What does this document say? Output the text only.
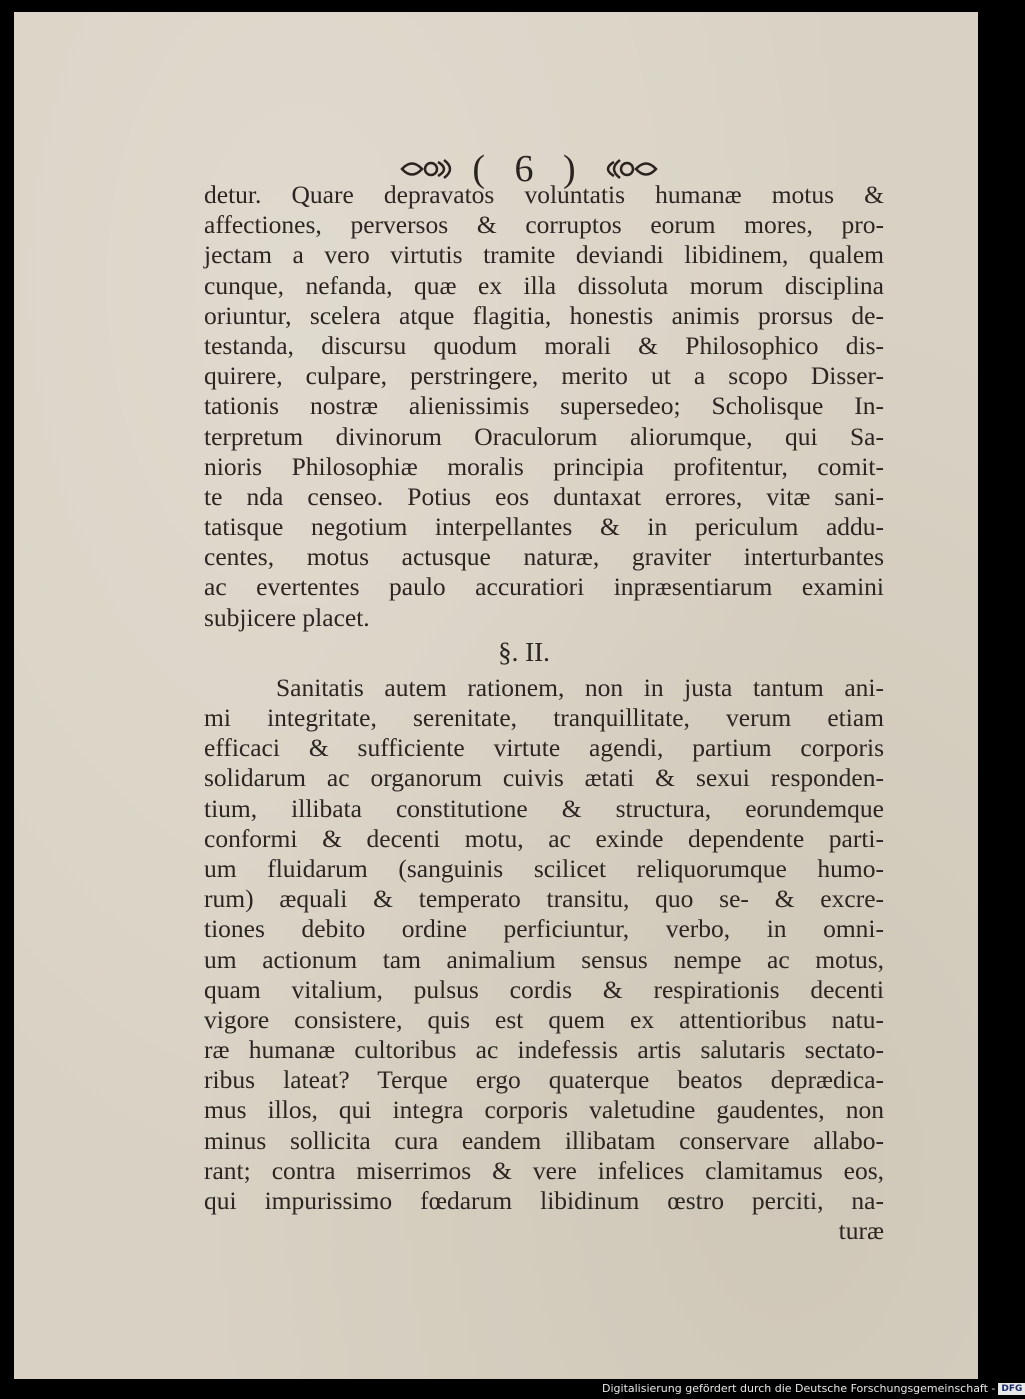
( 6 )
detur. Quare depravatos voluntatis humanæ motus &
affectiones, perversos & corruptos eorum mores, pro-
jectam a vero virtutis tramite deviandi libidinem, qualem
cunque, nefanda, quæ ex illa dissoluta morum disciplina
oriuntur, scelera atque flagitia, honestis animis prorsus de-
testanda, discursu quodum morali & Philosophico dis-
quirere, culpare, perstringere, merito ut a scopo Disser-
tationis nostræ alienissimis supersedeo; Scholisque In-
terpretum divinorum Oraculorum aliorumque, qui Sa-
nioris Philosophiæ moralis principia profitentur, comit-
te nda censeo. Potius eos duntaxat errores, vitæ sani-
tatisque negotium interpellantes & in periculum addu-
centes, motus actusque naturæ, graviter interturbantes
ac evertentes paulo accuratiori inpræsentiarum examini
subjicere placet.
§. II.
Sanitatis autem rationem, non in justa tantum ani-
mi integritate, serenitate, tranquillitate, verum etiam
efficaci & sufficiente virtute agendi, partium corporis
solidarum ac organorum cuivis ætati & sexui responden-
tium, illibata constitutione & structura, eorundemque
conformi & decenti motu, ac exinde dependente parti-
um fluidarum (sanguinis scilicet reliquorumque humo-
rum) æquali & temperato transitu, quo se- & excre-
tiones debito ordine perficiuntur, verbo, in omni-
um actionum tam animalium sensus nempe ac motus,
quam vitalium, pulsus cordis & respirationis decenti
vigore consistere, quis est quem ex attentioribus natu-
ræ humanæ cultoribus ac indefessis artis salutaris sectato-
ribus lateat? Terque ergo quaterque beatos deprædica-
mus illos, qui integra corporis valetudine gaudentes, non
minus sollicita cura eandem illibatam conservare allabo-
rant; contra miserrimos & vere infelices clamitamus eos,
qui impurissimo fœdarum libidinum œstro perciti, na-
turæ
Digitalisierung gefördert durch die Deutsche Forschungsgemeinschaft - DFG
